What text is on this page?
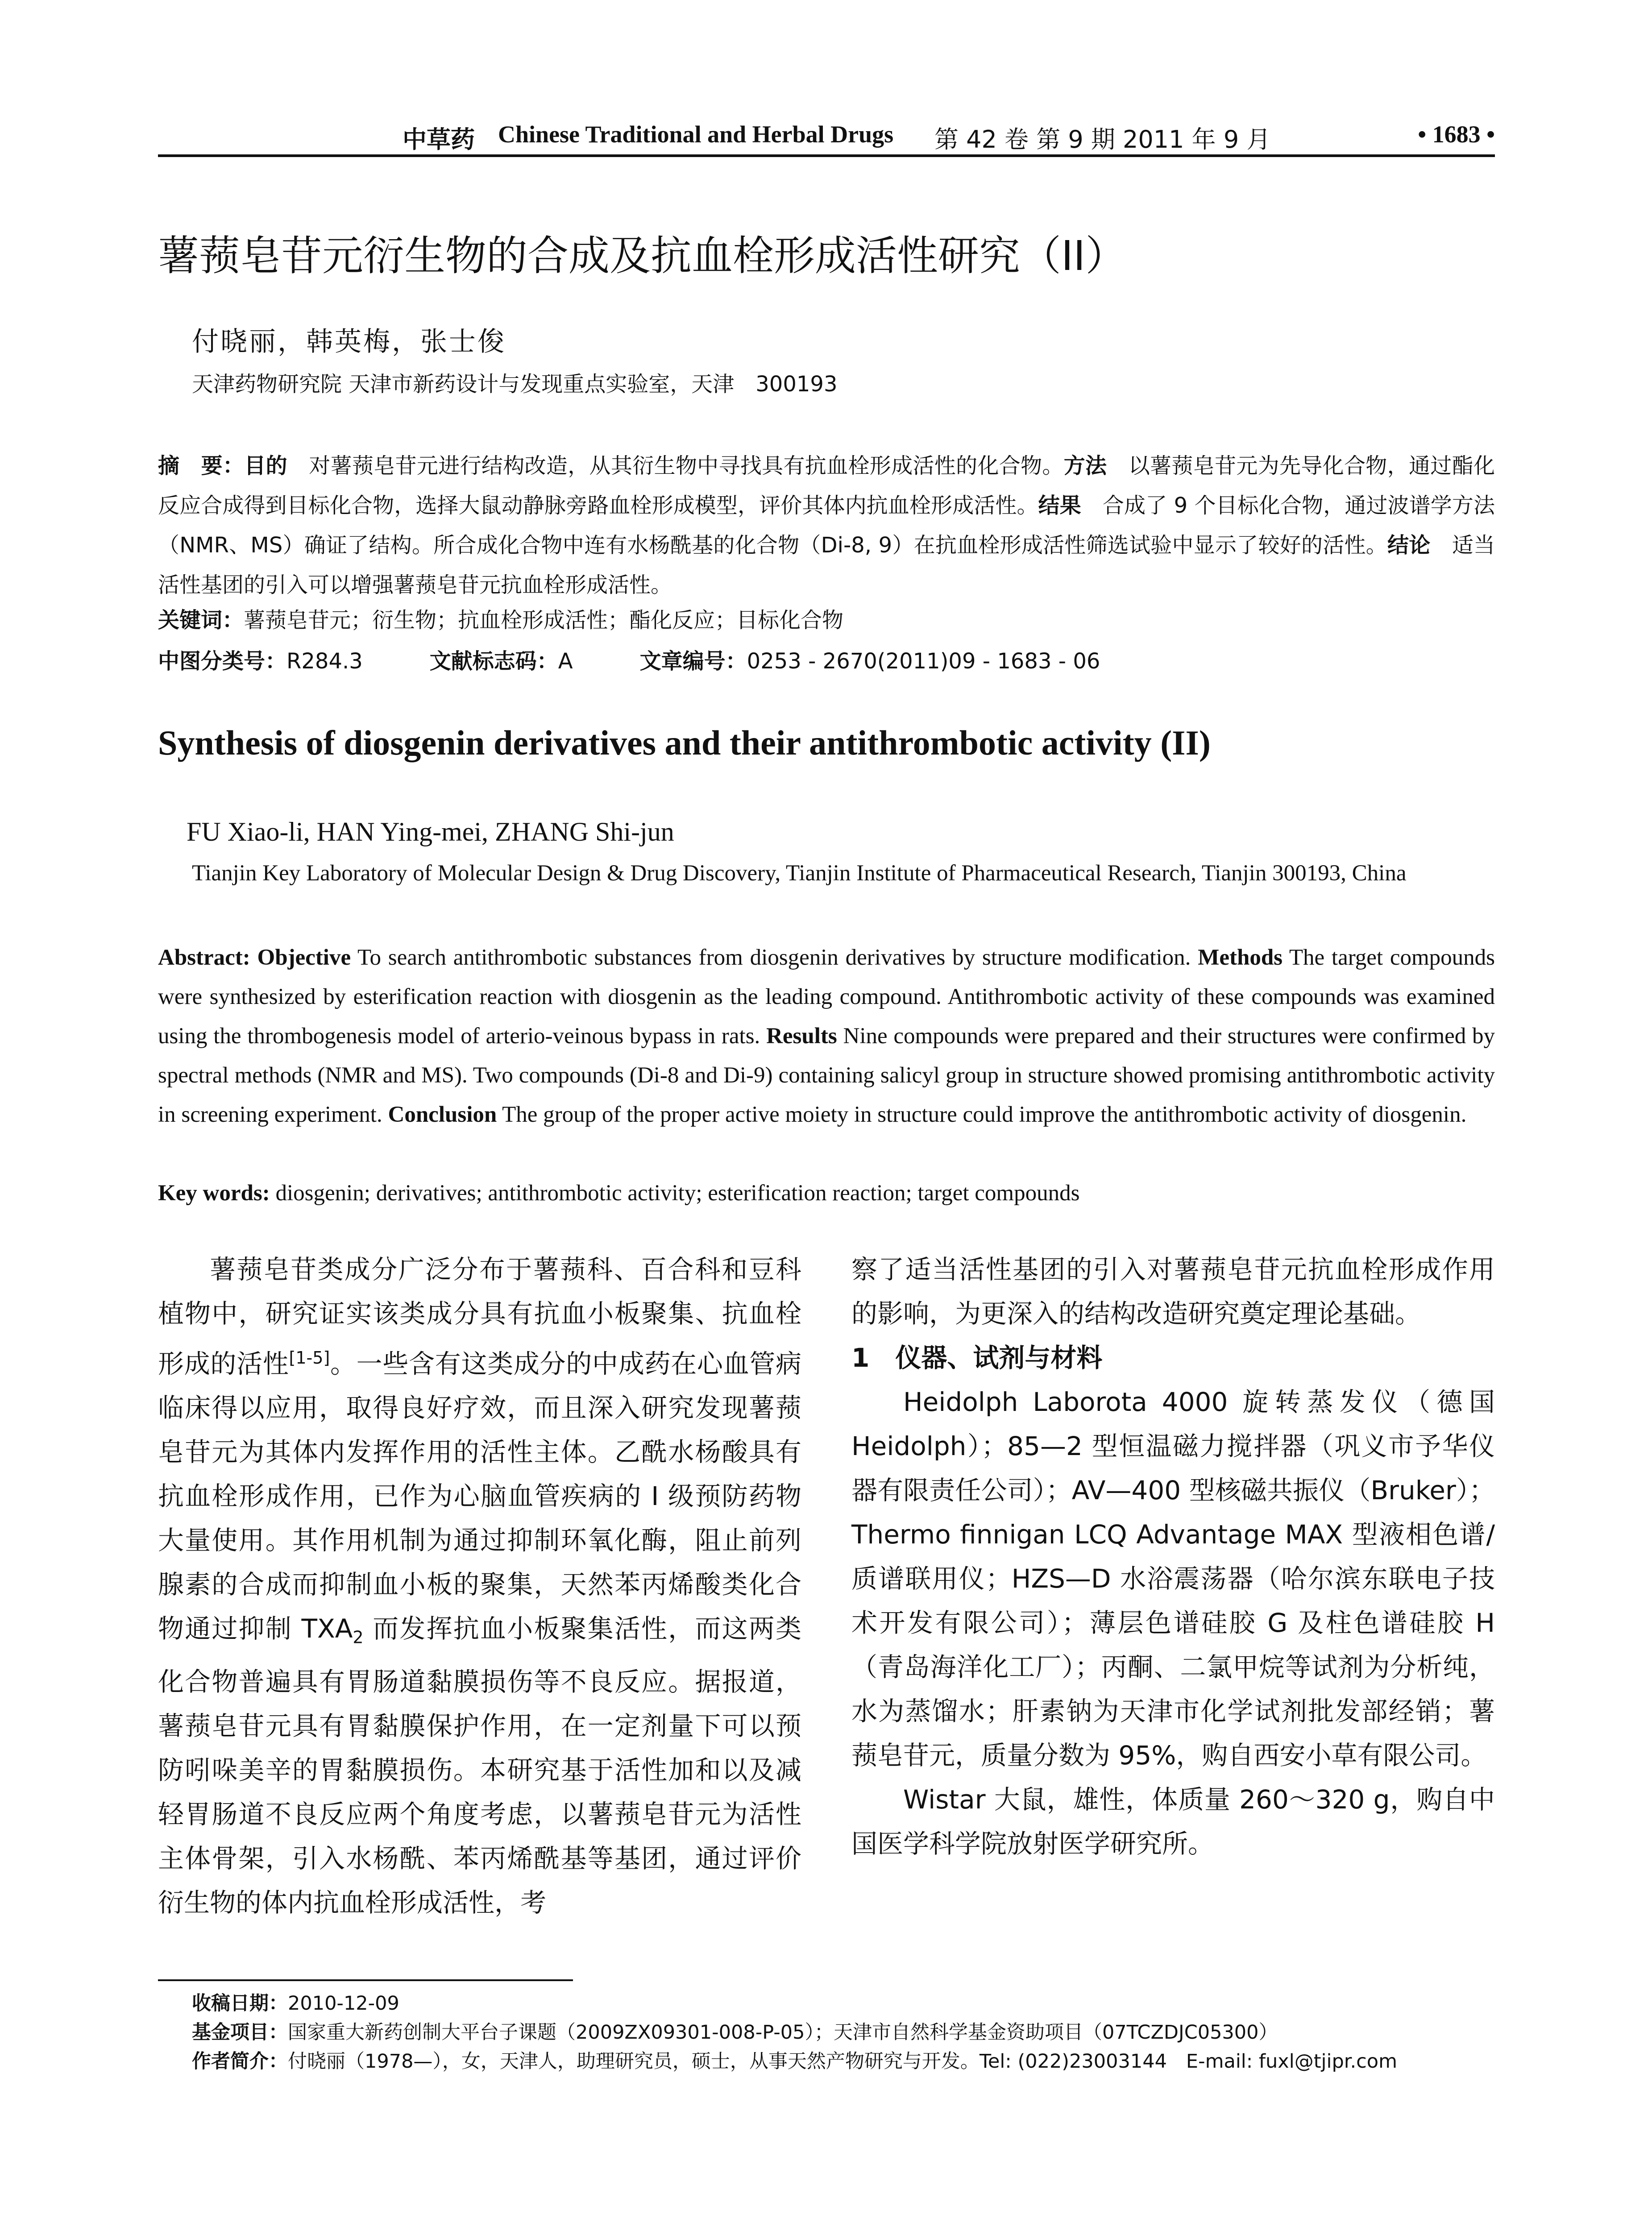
中草药 Chinese Traditional and Herbal Drugs 第 42 卷 第 9 期 2011 年 9 月	• 1683 •
薯蓣皂苷元衍生物的合成及抗血栓形成活性研究（II）
付晓丽，韩英梅，张士俊
天津药物研究院 天津市新药设计与发现重点实验室，天津　300193
摘　要：目的　对薯蓣皂苷元进行结构改造，从其衍生物中寻找具有抗血栓形成活性的化合物。方法　以薯蓣皂苷元为先导化合物，通过酯化反应合成得到目标化合物，选择大鼠动静脉旁路血栓形成模型，评价其体内抗血栓形成活性。结果　合成了 9 个目标化合物，通过波谱学方法（NMR、MS）确证了结构。所合成化合物中连有水杨酰基的化合物（Di-8, 9）在抗血栓形成活性筛选试验中显示了较好的活性。结论　适当活性基团的引入可以增强薯蓣皂苷元抗血栓形成活性。
关键词：薯蓣皂苷元；衍生物；抗血栓形成活性；酯化反应；目标化合物
中图分类号：R284.3	文献标志码：A	文章编号：0253 - 2670(2011)09 - 1683 - 06
Synthesis of diosgenin derivatives and their antithrombotic activity (II)
FU Xiao-li, HAN Ying-mei, ZHANG Shi-jun
Tianjin Key Laboratory of Molecular Design & Drug Discovery, Tianjin Institute of Pharmaceutical Research, Tianjin 300193, China
Abstract: Objective To search antithrombotic substances from diosgenin derivatives by structure modification. Methods The target compounds were synthesized by esterification reaction with diosgenin as the leading compound. Antithrombotic activity of these compounds was examined using the thrombogenesis model of arterio-veinous bypass in rats. Results Nine compounds were prepared and their structures were confirmed by spectral methods (NMR and MS). Two compounds (Di-8 and Di-9) containing salicyl group in structure showed promising antithrombotic activity in screening experiment. Conclusion The group of the proper active moiety in structure could improve the antithrombotic activity of diosgenin.
Key words: diosgenin; derivatives; antithrombotic activity; esterification reaction; target compounds

薯蓣皂苷类成分广泛分布于薯蓣科、百合科和豆科植物中，研究证实该类成分具有抗血小板聚集、抗血栓形成的活性[1-5]。一些含有这类成分的中成药在心血管病临床得以应用，取得良好疗效，而且深入研究发现薯蓣皂苷元为其体内发挥作用的活性主体。乙酰水杨酸具有抗血栓形成作用，已作为心脑血管疾病的 I 级预防药物大量使用。其作用机制为通过抑制环氧化酶，阻止前列腺素的合成而抑制血小板的聚集，天然苯丙烯酸类化合物通过抑制 $TXA_2$ 而发挥抗血小板聚集活性，而这两类化合物普遍具有胃肠道黏膜损伤等不良反应。据报道，薯蓣皂苷元具有胃黏膜保护作用，在一定剂量下可以预防吲哚美辛的胃黏膜损伤。本研究基于活性加和以及减轻胃肠道不良反应两个角度考虑，以薯蓣皂苷元为活性主体骨架，引入水杨酰、苯丙烯酰基等基团，通过评价衍生物的体内抗血栓形成活性，考

察了适当活性基团的引入对薯蓣皂苷元抗血栓形成作用的影响，为更深入的结构改造研究奠定理论基础。

1　仪器、试剂与材料

Heidolph Laborota 4000 旋转蒸发仪（德国 Heidolph）；85—2 型恒温磁力搅拌器（巩义市予华仪器有限责任公司）；AV—400 型核磁共振仪（Bruker）；Thermo finnigan LCQ Advantage MAX 型液相色谱/质谱联用仪；HZS—D 水浴震荡器（哈尔滨东联电子技术开发有限公司）；薄层色谱硅胶 G 及柱色谱硅胶 H（青岛海洋化工厂）；丙酮、二氯甲烷等试剂为分析纯，水为蒸馏水；肝素钠为天津市化学试剂批发部经销；薯蓣皂苷元，质量分数为 95%，购自西安小草有限公司。

Wistar 大鼠，雄性，体质量 260～320 g，购自中国医学科学院放射医学研究所。

收稿日期：2010-12-09
基金项目：国家重大新药创制大平台子课题（2009ZX09301-008-P-05）；天津市自然科学基金资助项目（07TCZDJC05300）
作者简介：付晓丽（1978—），女，天津人，助理研究员，硕士，从事天然产物研究与开发。Tel: (022)23003144　E-mail: fuxl@tjipr.com
